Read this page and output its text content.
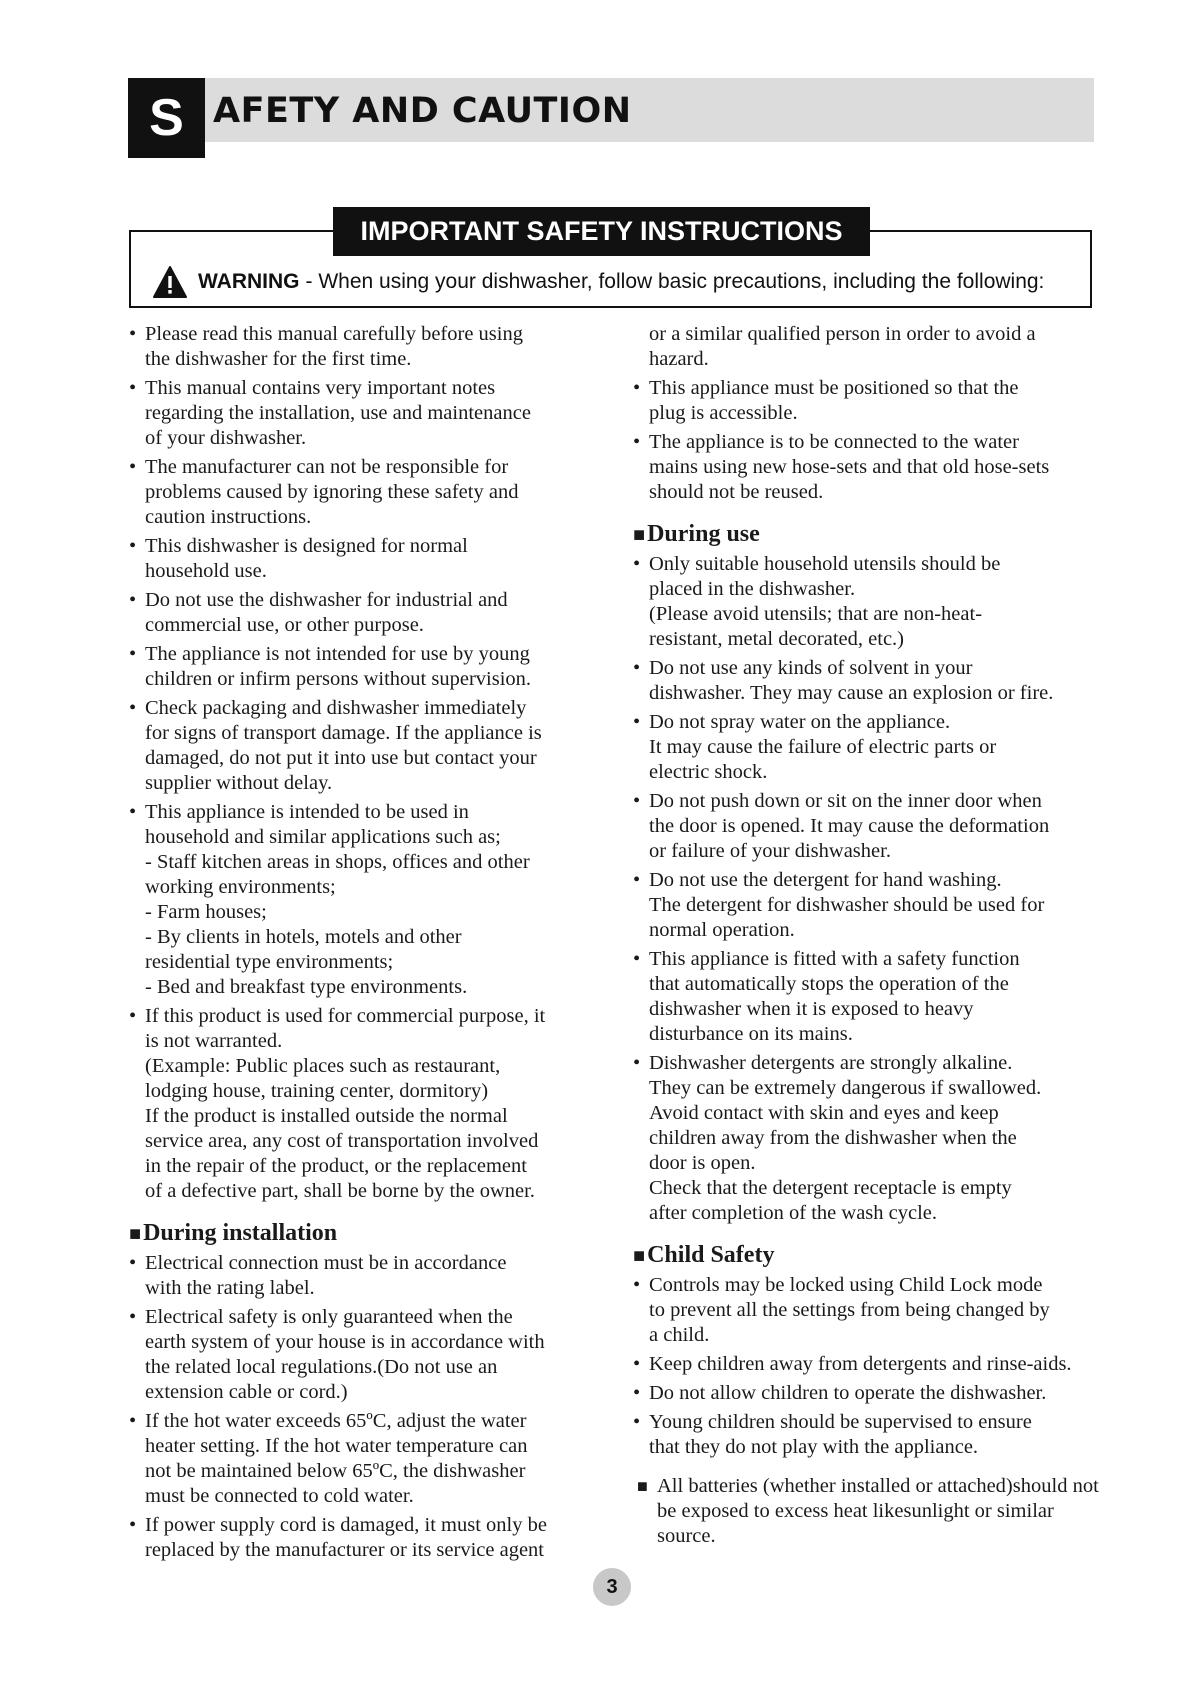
S AFETY AND CAUTION
IMPORTANT SAFETY INSTRUCTIONS
WARNING - When using your dishwasher, follow basic precautions, including the following:
• Please read this manual carefully before using
the dishwasher for the first time.
• This manual contains very important notes
regarding the installation, use and maintenance
of your dishwasher.
• The manufacturer can not be responsible for
problems caused by ignoring these safety and
caution instructions.
• This dishwasher is designed for normal
household use.
• Do not use the dishwasher for industrial and
commercial use, or other purpose.
• The appliance is not intended for use by young
children or infirm persons without supervision.
• Check packaging and dishwasher immediately
for signs of transport damage. If the appliance is
damaged, do not put it into use but contact your
supplier without delay.
• This appliance is intended to be used in
household and similar applications such as;
- Staff kitchen areas in shops, offices and other
working environments;
- Farm houses;
- By clients in hotels, motels and other
residential type environments;
- Bed and breakfast type environments.
• If this product is used for commercial purpose, it
is not warranted.
(Example: Public places such as restaurant,
lodging house, training center, dormitory)
If the product is installed outside the normal
service area, any cost of transportation involved
in the repair of the product, or the replacement
of a defective part, shall be borne by the owner.
■During installation
• Electrical connection must be in accordance
with the rating label.
• Electrical safety is only guaranteed when the
earth system of your house is in accordance with
the related local regulations.(Do not use an
extension cable or cord.)
• If the hot water exceeds 65ºC, adjust the water
heater setting. If the hot water temperature can
not be maintained below 65ºC, the dishwasher
must be connected to cold water.
• If power supply cord is damaged, it must only be
replaced by the manufacturer or its service agent
or a similar qualified person in order to avoid a
hazard.
• This appliance must be positioned so that the
plug is accessible.
• The appliance is to be connected to the water
mains using new hose-sets and that old hose-sets
should not be reused.
■During use
• Only suitable household utensils should be
placed in the dishwasher.
(Please avoid utensils; that are non-heat-
resistant, metal decorated, etc.)
• Do not use any kinds of solvent in your
dishwasher. They may cause an explosion or fire.
• Do not spray water on the appliance.
It may cause the failure of electric parts or
electric shock.
• Do not push down or sit on the inner door when
the door is opened. It may cause the deformation
or failure of your dishwasher.
• Do not use the detergent for hand washing.
The detergent for dishwasher should be used for
normal operation.
• This appliance is fitted with a safety function
that automatically stops the operation of the
dishwasher when it is exposed to heavy
disturbance on its mains.
• Dishwasher detergents are strongly alkaline.
They can be extremely dangerous if swallowed.
Avoid contact with skin and eyes and keep
children away from the dishwasher when the
door is open.
Check that the detergent receptacle is empty
after completion of the wash cycle.
■Child Safety
• Controls may be locked using Child Lock mode
to prevent all the settings from being changed by
a child.
• Keep children away from detergents and rinse-aids.
• Do not allow children to operate the dishwasher.
• Young children should be supervised to ensure
that they do not play with the appliance.
■ All batteries (whether installed or attached)should not be exposed to excess heat likesunlight or similar source.
3
